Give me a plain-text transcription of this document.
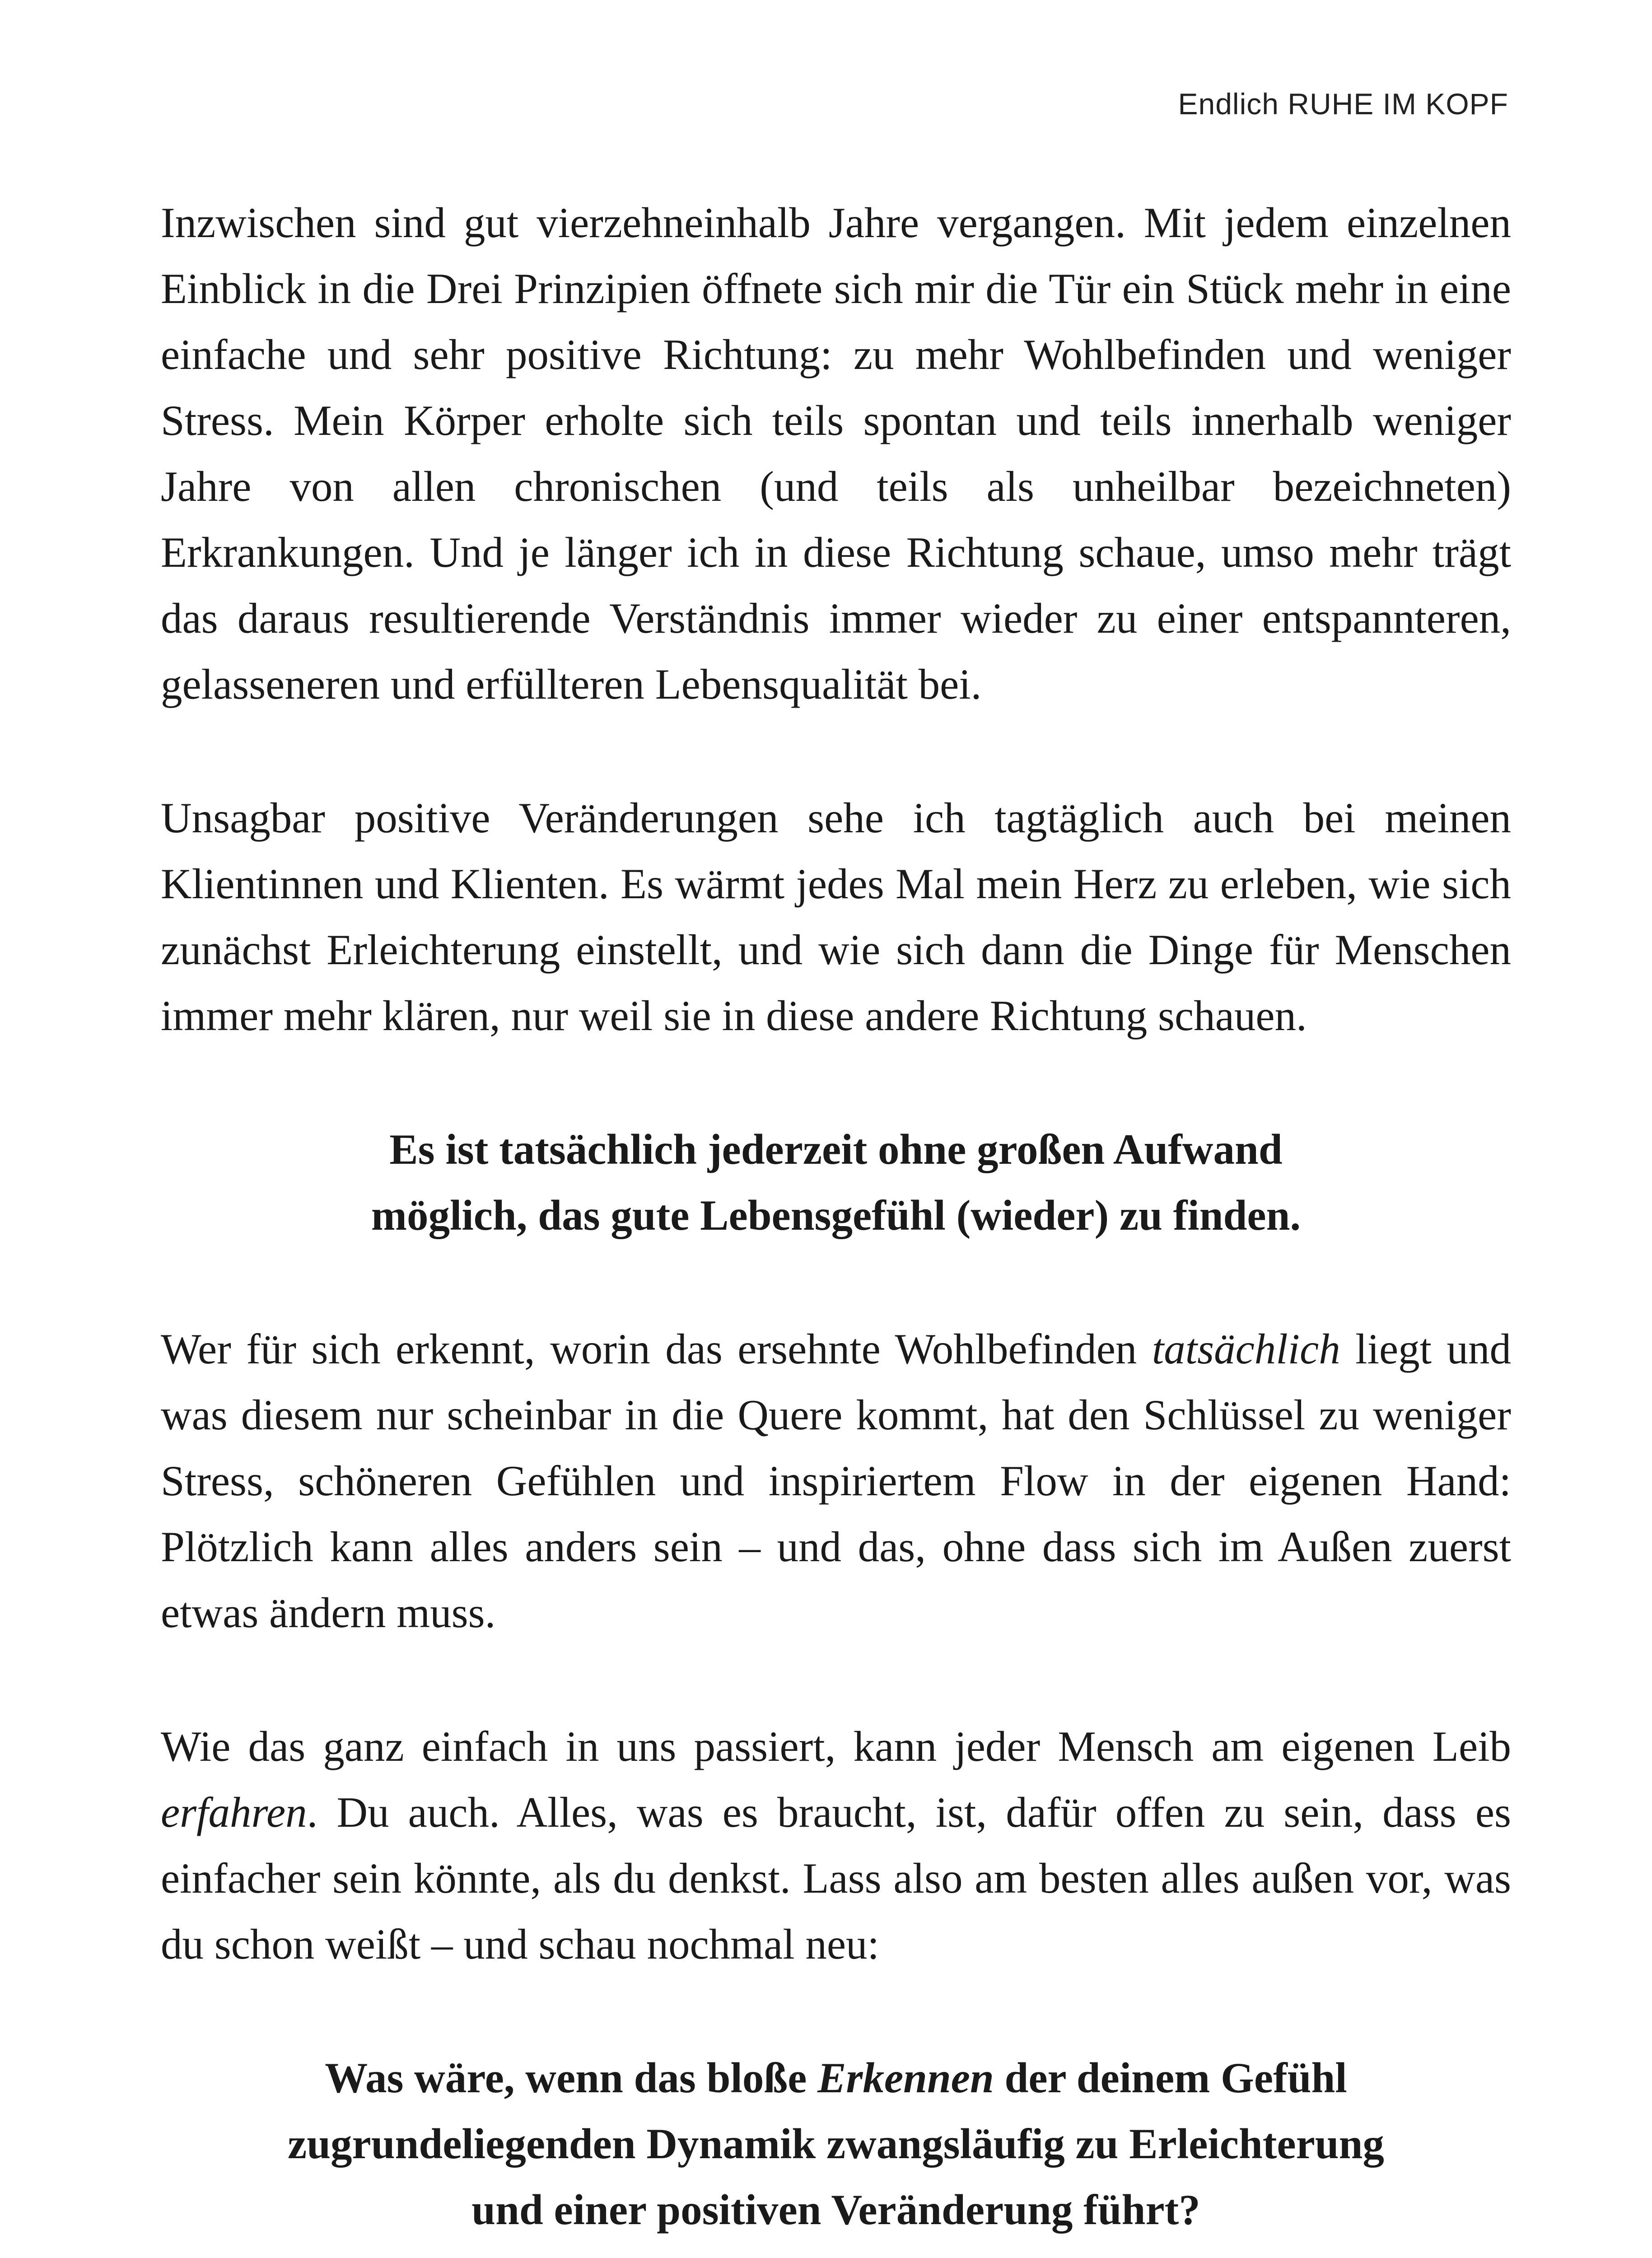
Endlich RUHE IM KOPF

Inzwischen sind gut vierzehneinhalb Jahre vergangen. Mit jedem einzelnen Einblick in die Drei Prinzipien öffnete sich mir die Tür ein Stück mehr in eine einfache und sehr positive Richtung: zu mehr Wohlbefinden und weniger Stress. Mein Körper erholte sich teils spontan und teils innerhalb weniger Jahre von allen chronischen (und teils als unheilbar bezeichneten) Erkrankungen. Und je länger ich in diese Richtung schaue, umso mehr trägt das daraus resultierende Verständnis immer wieder zu einer entspannteren, gelasseneren und erfüllteren Lebensqualität bei.

Unsagbar positive Veränderungen sehe ich tagtäglich auch bei meinen Klientinnen und Klienten. Es wärmt jedes Mal mein Herz zu erleben, wie sich zunächst Erleichterung einstellt, und wie sich dann die Dinge für Menschen immer mehr klären, nur weil sie in diese andere Richtung schauen.

Es ist tatsächlich jederzeit ohne großen Aufwand
möglich, das gute Lebensgefühl (wieder) zu finden.

Wer für sich erkennt, worin das ersehnte Wohlbefinden tatsächlich liegt und was diesem nur scheinbar in die Quere kommt, hat den Schlüssel zu weniger Stress, schöneren Gefühlen und inspiriertem Flow in der eigenen Hand: Plötzlich kann alles anders sein – und das, ohne dass sich im Außen zuerst etwas ändern muss.

Wie das ganz einfach in uns passiert, kann jeder Mensch am eigenen Leib erfahren. Du auch. Alles, was es braucht, ist, dafür offen zu sein, dass es einfacher sein könnte, als du denkst. Lass also am besten alles außen vor, was du schon weißt – und schau nochmal neu:

Was wäre, wenn das bloße Erkennen der deinem Gefühl
zugrundeliegenden Dynamik zwangsläufig zu Erleichterung
und einer positiven Veränderung führt?
